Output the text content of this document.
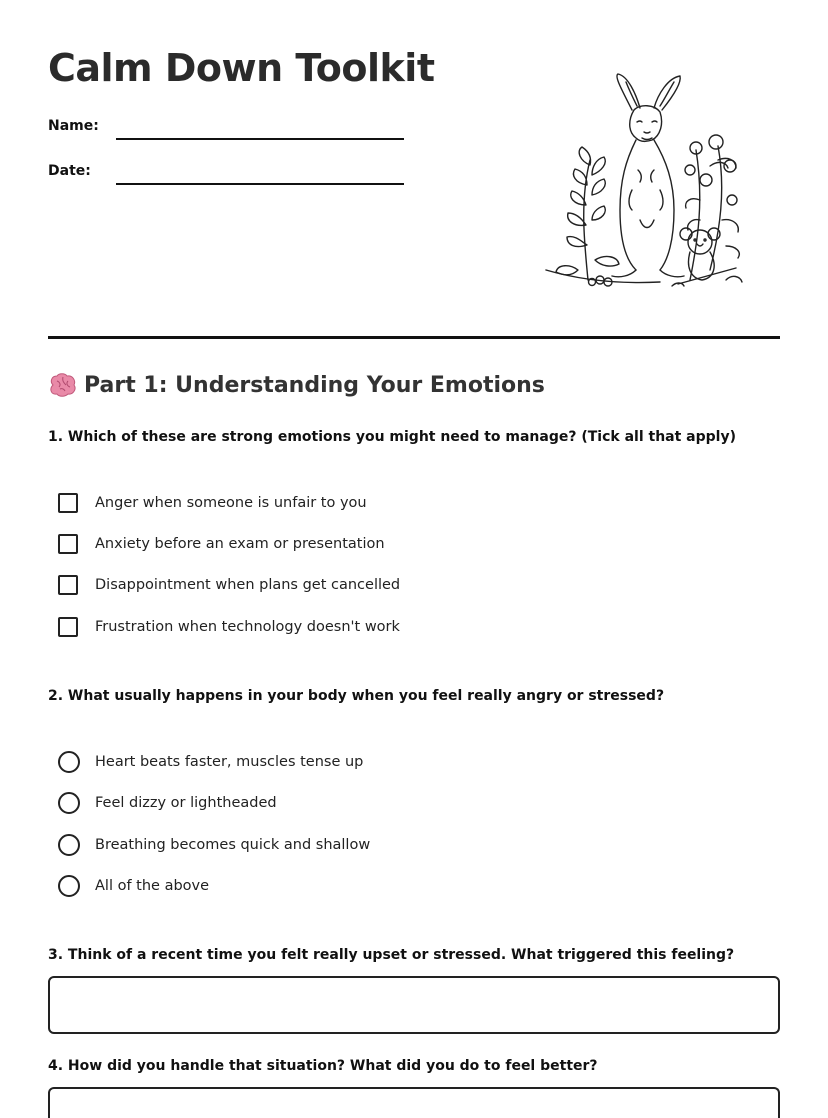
Calm Down Toolkit
Name:
Date:
Part 1: Understanding Your Emotions

1. Which of these are strong emotions you might need to manage? (Tick all that apply)

Anger when someone is unfair to you
Anxiety before an exam or presentation
Disappointment when plans get cancelled
Frustration when technology doesn't work

2. What usually happens in your body when you feel really angry or stressed?

Heart beats faster, muscles tense up
Feel dizzy or lightheaded
Breathing becomes quick and shallow
All of the above

3. Think of a recent time you felt really upset or stressed. What triggered this feeling?

4. How did you handle that situation? What did you do to feel better?
